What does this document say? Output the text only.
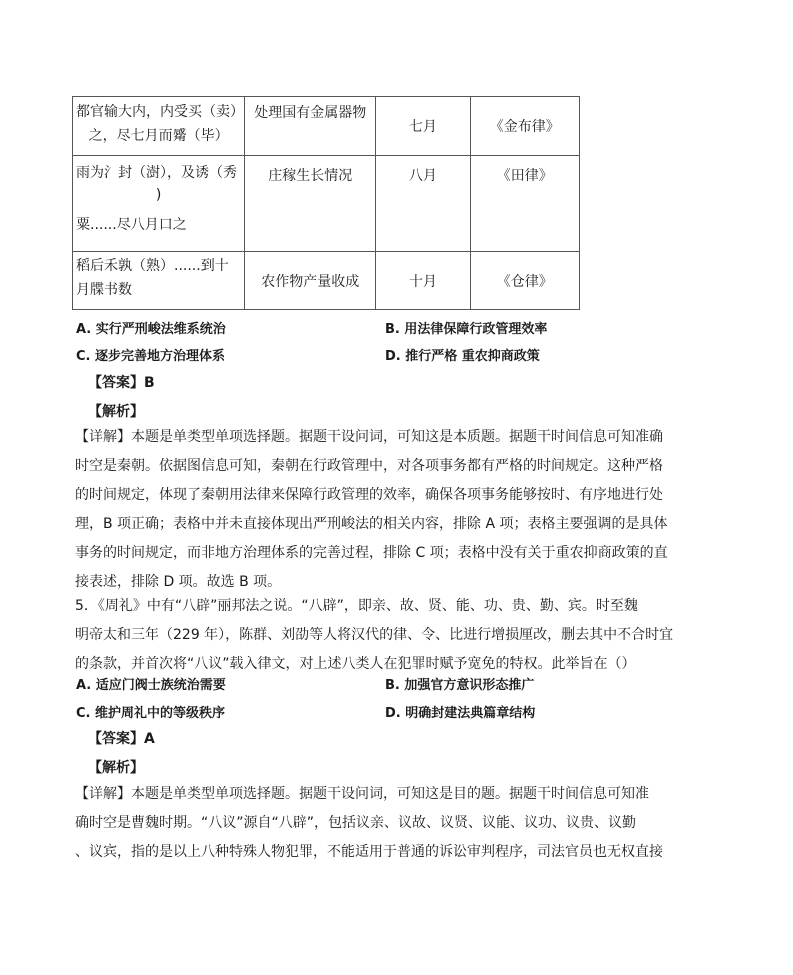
都官输大内，内受买（卖）
之，尽七月而觱（毕）	处理国有金属器物	七月	《金布律》

雨为氵封（澍），及诱（秀
)
粟......尽八月口之	庄稼生长情况	八月	《田律》

稻后禾孰（熟）......到十
月牒书数	农作物产量收成	十月	《仓律》
A. 实行严刑峻法维系统治	B. 用法律保障行政管理效率
C. 逐步完善地方治理体系	D. 推行严格 重农抑商政策
【答案】B
【解析】
【详解】本题是单类型单项选择题。据题干设问词，可知这是本质题。据题干时间信息可知准确
时空是秦朝。依据图信息可知，秦朝在行政管理中，对各项事务都有严格的时间规定。这种严格
的时间规定，体现了秦朝用法律来保障行政管理的效率，确保各项事务能够按时、有序地进行处
理，B 项正确；表格中并未直接体现出严刑峻法的相关内容，排除 A 项；表格主要强调的是具体
事务的时间规定，而非地方治理体系的完善过程，排除 C 项；表格中没有关于重农抑商政策的直
接表述，排除 D 项。故选 B 项。
5．《周礼》中有“八辟”丽邦法之说。“八辟”，即亲、故、贤、能、功、贵、勤、宾。时至魏
明帝太和三年（229 年），陈群、刘劭等人将汉代的律、令、比进行增损厘改，删去其中不合时宜
的条款，并首次将“八议”载入律文，对上述八类人在犯罪时赋予宽免的特权。此举旨在（）
A. 适应门阀士族统治需要	B. 加强官方意识形态推广
C. 维护周礼中的等级秩序	D. 明确封建法典篇章结构
【答案】A
【解析】
【详解】本题是单类型单项选择题。据题干设问词，可知这是目的题。据题干时间信息可知准
确时空是曹魏时期。“八议”源自“八辟”，包括议亲、议故、议贤、议能、议功、议贵、议勤
、议宾，指的是以上八种特殊人物犯罪，不能适用于普通的诉讼审判程序，司法官员也无权直接
